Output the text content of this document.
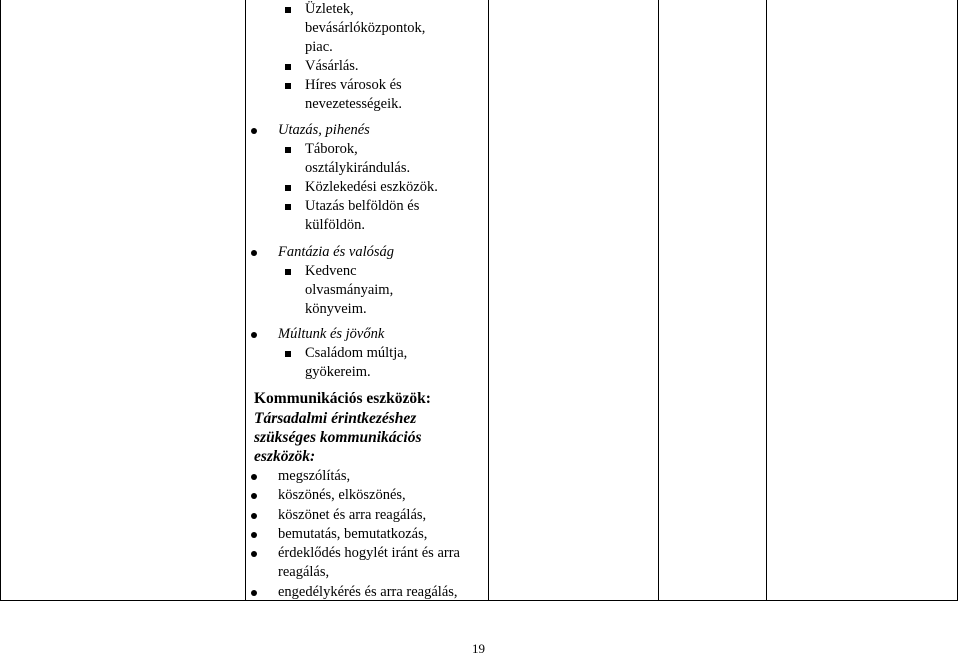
Üzletek,
bevásárlóközpontok,
piac.
Vásárlás.
Híres városok és
nevezetességeik.
Utazás, pihenés
Táborok,
osztálykirándulás.
Közlekedési eszközök.
Utazás belföldön és
külföldön.
Fantázia és valóság
Kedvenc
olvasmányaim,
könyveim.
Múltunk és jövőnk
Családom múltja,
gyökereim.
Kommunikációs eszközök:
Társadalmi érintkezéshez
szükséges kommunikációs
eszközök:
megszólítás,
köszönés, elköszönés,
köszönet és arra reagálás,
bemutatás, bemutatkozás,
érdeklődés hogylét iránt és arra
reagálás,
engedélykérés és arra reagálás,
19
